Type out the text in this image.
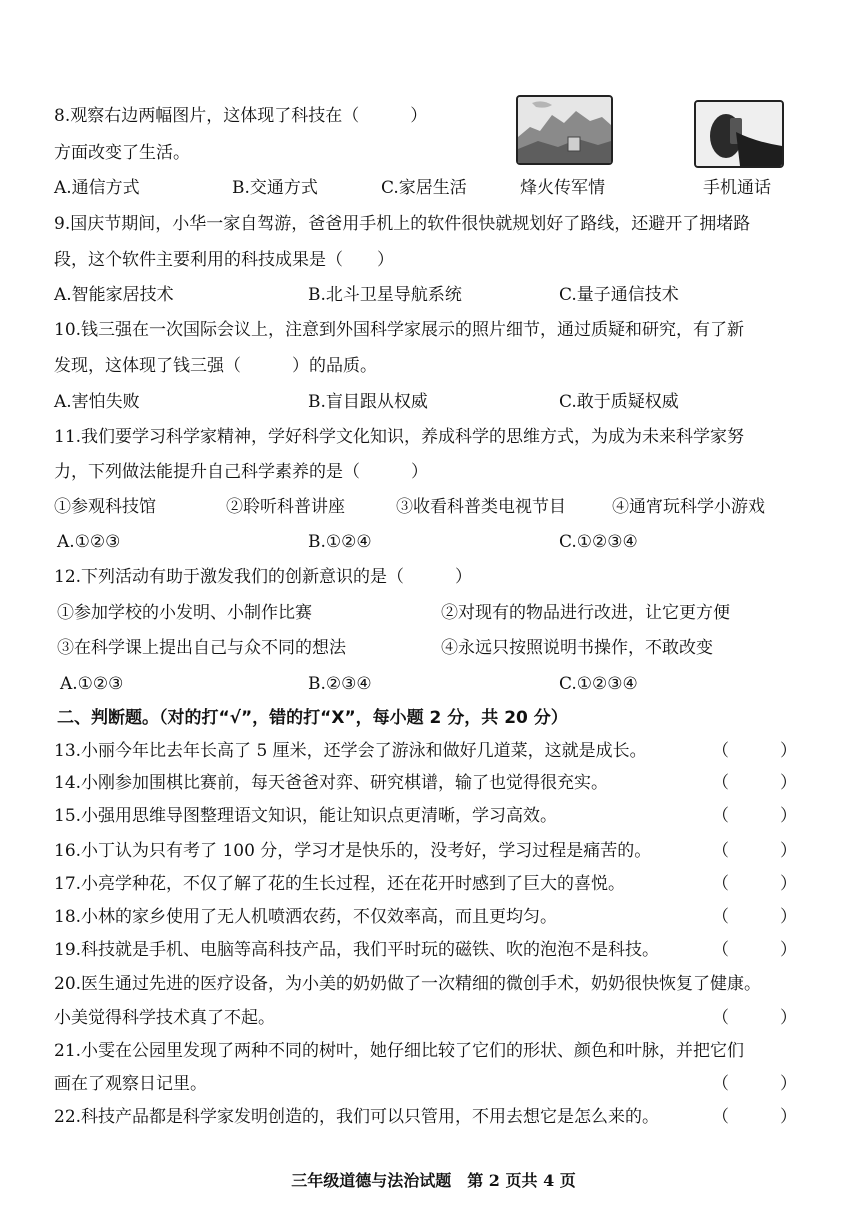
8.观察右边两幅图片，这体现了科技在（　　　）
方面改变了生活。
A.通信方式	B.交通方式	C.家居生活	烽火传军情	手机通话
9.国庆节期间，小华一家自驾游，爸爸用手机上的软件很快就规划好了路线，还避开了拥堵路
段，这个软件主要利用的科技成果是（　　）
A.智能家居技术	B.北斗卫星导航系统	C.量子通信技术
10.钱三强在一次国际会议上，注意到外国科学家展示的照片细节，通过质疑和研究，有了新
发现，这体现了钱三强（　　　）的品质。
A.害怕失败	B.盲目跟从权威	C.敢于质疑权威
11.我们要学习科学家精神，学好科学文化知识，养成科学的思维方式，为成为未来科学家努
力，下列做法能提升自己科学素养的是（　　　）
①参观科技馆	②聆听科普讲座	③收看科普类电视节目	④通宵玩科学小游戏
A.①②③	B.①②④	C.①②③④
12.下列活动有助于激发我们的创新意识的是（　　　）
①参加学校的小发明、小制作比赛	②对现有的物品进行改进，让它更方便
③在科学课上提出自己与众不同的想法	④永远只按照说明书操作，不敢改变
A.①②③	B.②③④	C.①②③④
二、判断题。（对的打“√”，错的打“X”，每小题 2 分，共 20 分）
13.小丽今年比去年长高了 5 厘米，还学会了游泳和做好几道菜，这就是成长。	（　　　）
14.小刚参加围棋比赛前，每天爸爸对弈、研究棋谱，输了也觉得很充实。	（　　　）
15.小强用思维导图整理语文知识，能让知识点更清晰，学习高效。	（　　　）
16.小丁认为只有考了 100 分，学习才是快乐的，没考好，学习过程是痛苦的。	（　　　）
17.小亮学种花，不仅了解了花的生长过程，还在花开时感到了巨大的喜悦。	（　　　）
18.小林的家乡使用了无人机喷洒农药，不仅效率高，而且更均匀。	（　　　）
19.科技就是手机、电脑等高科技产品，我们平时玩的磁铁、吹的泡泡不是科技。	（　　　）
20.医生通过先进的医疗设备，为小美的奶奶做了一次精细的微创手术，奶奶很快恢复了健康。
小美觉得科学技术真了不起。	（　　　）
21.小雯在公园里发现了两种不同的树叶，她仔细比较了它们的形状、颜色和叶脉，并把它们
画在了观察日记里。	（　　　）
22.科技产品都是科学家发明创造的，我们可以只管用，不用去想它是怎么来的。	（　　　）
三年级道德与法治试题　第 2 页共 4 页
